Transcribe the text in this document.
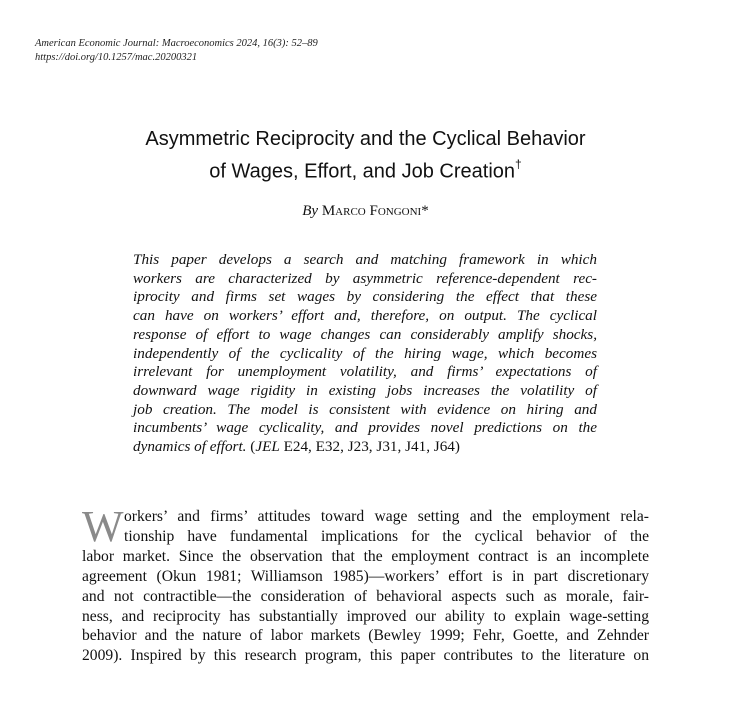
American Economic Journal: Macroeconomics 2024, 16(3): 52–89
https://doi.org/10.1257/mac.20200321
Asymmetric Reciprocity and the Cyclical Behavior
of Wages, Effort, and Job Creation†
By Marco Fongoni*
This paper develops a search and matching framework in which
workers are characterized by asymmetric reference-dependent rec-
iprocity and firms set wages by considering the effect that these
can have on workers’ effort and, therefore, on output. The cyclical
response of effort to wage changes can considerably amplify shocks,
independently of the cyclicality of the hiring wage, which becomes
irrelevant for unemployment volatility, and firms’ expectations of
downward wage rigidity in existing jobs increases the volatility of
job creation. The model is consistent with evidence on hiring and
incumbents’ wage cyclicality, and provides novel predictions on the
dynamics of effort. (JEL E24, E32, J23, J31, J41, J64)
W orkers’ and firms’ attitudes toward wage setting and the employment rela-
tionship have fundamental implications for the cyclical behavior of the
labor market. Since the observation that the employment contract is an incomplete
agreement (Okun 1981; Williamson 1985)—workers’ effort is in part discretionary
and not contractible—the consideration of behavioral aspects such as morale, fair-
ness, and reciprocity has substantially improved our ability to explain wage-setting
behavior and the nature of labor markets (Bewley 1999; Fehr, Goette, and Zehnder
2009). Inspired by this research program, this paper contributes to the literature on
